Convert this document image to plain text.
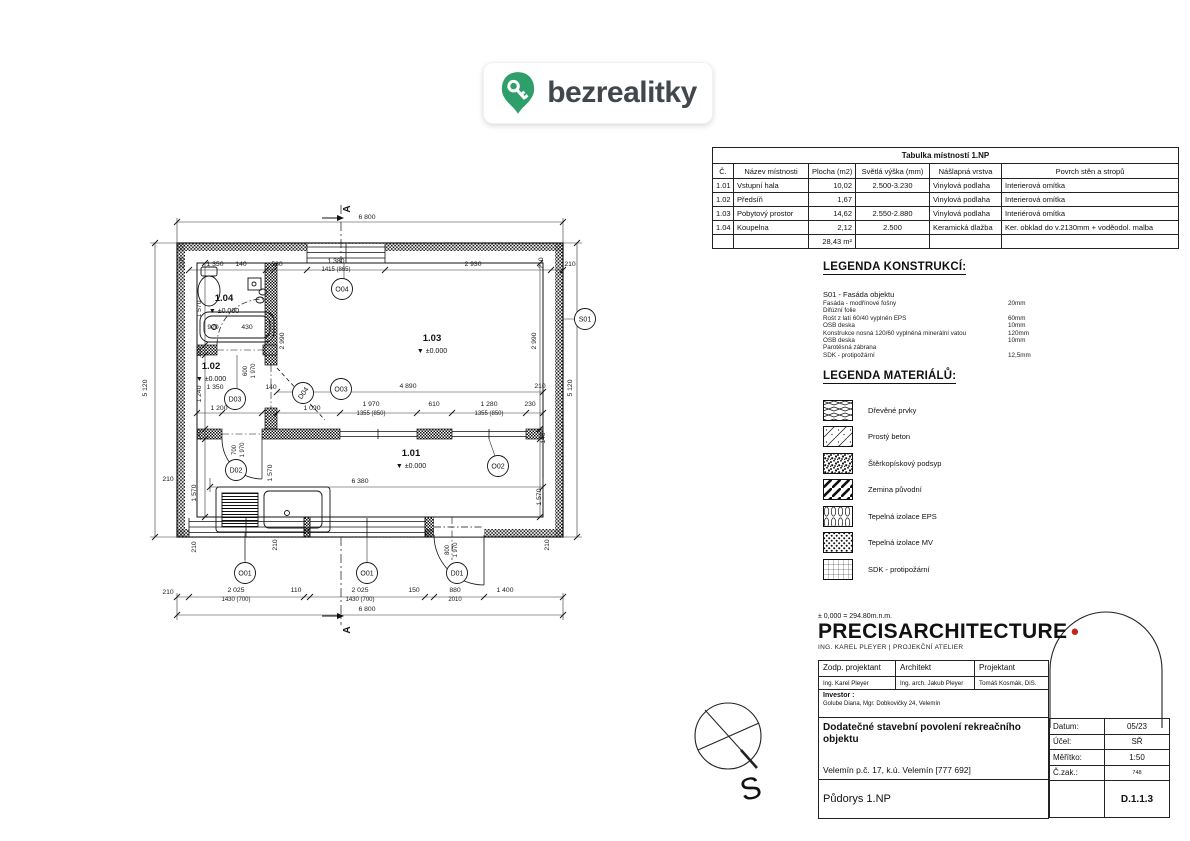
S
6 800
A
210	1 350 140	580	1 380
1415 (865)
2 930	210	210
5 120
210
1 570
180
1 240
140
1 570
210
920	430
2 990
1 350	140
600 1 970
1 200	1 090
4 890	210
1 970
1355 (850)
610	1 280
1355 (850)
230
2 990
5 120
140
1 570
210
700 1 970
1 570	6 380
800 1 970
210
210	2 025
1430 (700)
110	2 025
1430 (700)
150	880
2010
1 400
6 800
A
O04
O03
O02
O01	O01	D01
D02
D03	D04
S01
1.04
▼ ±0.000
1.02
▼ ±0.000
1.03
▼ ±0.000
1.01
▼ ±0.000
bezrealitky
Tabulka místností 1.NP					
Č.	Název místnosti	Plocha (m2)	Světlá výška (mm)	Nášlapná vrstva	Povrch stěn a stropů
1.01	Vstupní hala	10,02	2.500-3.230	Vinylová podlaha	Interierová omítka
1.02	Předsíň	1,67		Vinylová podlaha	Interierová omítka
1.03	Pobytový prostor	14,62	2.550-2.880	Vinylová podlaha	Interiérová omítka
1.04	Koupelna	2,12	2.500	Keramická dlažba	Ker. obklad do v.2130mm + voděodol. malba
		28,43 m²			
LEGENDA KONSTRUKCÍ:
S01 - Fasáda objektu
Fasáda - modřínové fošny	20mm
Difúzní folie
Rošt z latí 60/40 vyplněn EPS	60mm
OSB deska	10mm
Konstrukce nosná 120/60 vyplněná minerální vatou	120mm
OSB deska	10mm
Parotěsná zábrana
SDK - protipožární	12,5mm
LEGENDA MATERIÁLŮ:
Dřevěné prvky
Prostý beton
Štěrkopískový podsyp
Zemina původní
Tepelná izolace EPS
Tepelná izolace MV
SDK - protipožární
± 0,000 = 294.80m.n.m.
PRECISARCHITECTURE ●
ING. KAREL PLEYER | PROJEKČNÍ ATELIER
Zodp. projektant	Architekt	Projektant
Ing. Karel Pleyer	Ing. arch. Jakub Pleyer	Tomáš Kosmák, DiS.
Investor :
Golube Diana, Mgr. Dobkovičky 24, Velemín
Dodatečné stavební povolení rekreačního objektu
Velemín p.č. 17, k.ú. Velemín [777 692]
Půdorys 1.NP
Datum:	05/23
Účel:	SŘ
Měřítko:	1:50
Č.zak.:	748
	D.1.1.3
